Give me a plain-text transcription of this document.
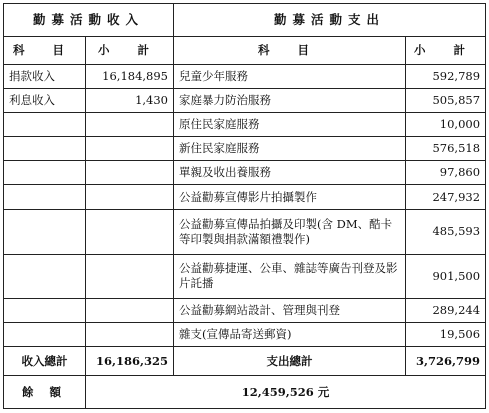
勤募活動收入		勤募活動支出	
科 目	小 計	科 目	小 計
捐款收入	16,184,895	兒童少年服務	592,789
利息收入	1,430	家庭暴力防治服務	505,857
		原住民家庭服務	10,000
		新住民家庭服務	576,518
		單親及收出養服務	97,860
		公益勸募宣傳影片拍攝製作	247,932
		公益勸募宣傳品拍攝及印製(含 DM、酷卡等印製與捐款滿額禮製作)	485,593
		公益勸募捷運、公車、雜誌等廣告刊登及影片託播	901,500
		公益勸募網站設計、管理與刊登	289,244
		雜支(宣傳品寄送郵資)	19,506
收入總計	16,186,325	支出總計	3,726,799
餘 額	12,459,526 元		
